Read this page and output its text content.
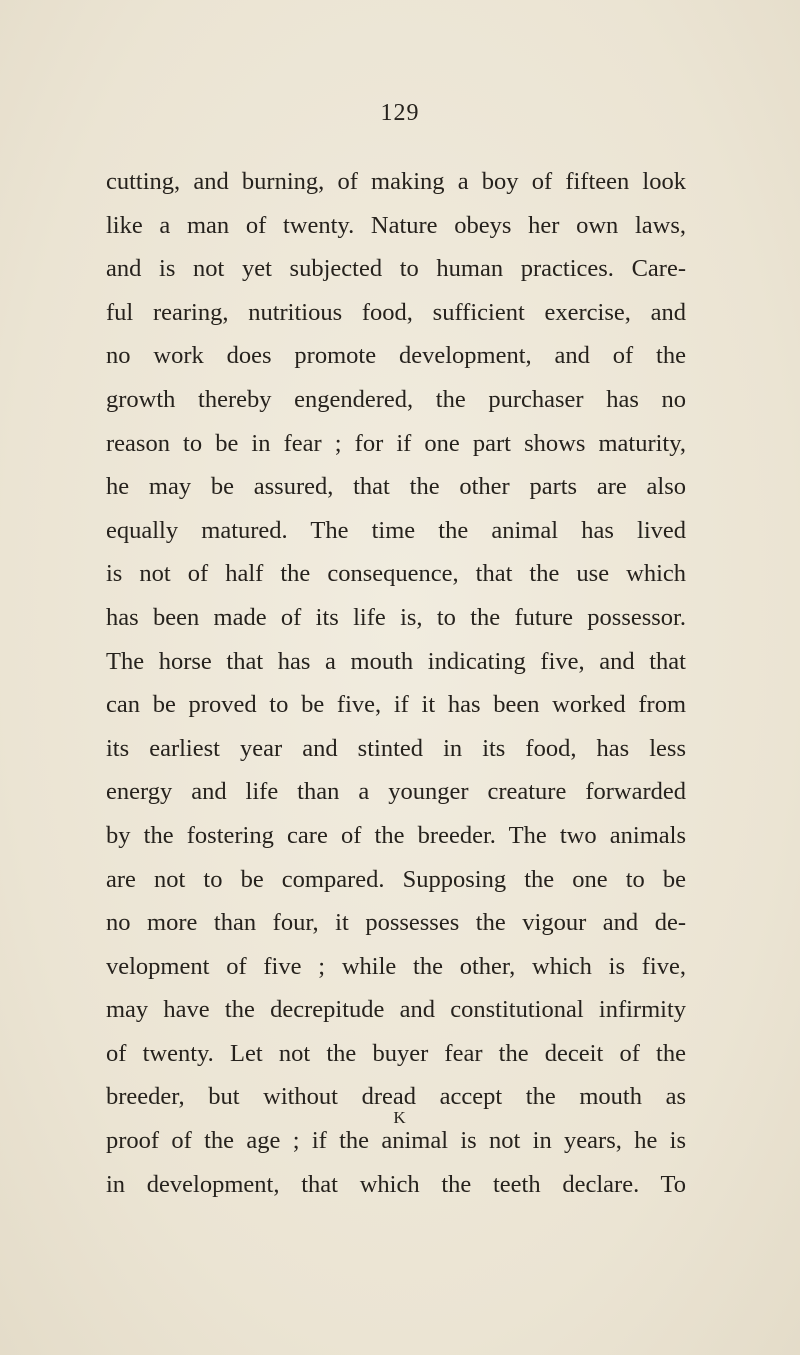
129
cutting, and burning, of making a boy of fifteen look
like a man of twenty. Nature obeys her own laws,
and is not yet subjected to human practices. Care-
ful rearing, nutritious food, sufficient exercise, and
no work does promote development, and of the
growth thereby engendered, the purchaser has no
reason to be in fear ; for if one part shows maturity,
he may be assured, that the other parts are also
equally matured. The time the animal has lived
is not of half the consequence, that the use which
has been made of its life is, to the future possessor.
The horse that has a mouth indicating five, and that
can be proved to be five, if it has been worked from
its earliest year and stinted in its food, has less
energy and life than a younger creature forwarded
by the fostering care of the breeder. The two animals
are not to be compared. Supposing the one to be
no more than four, it possesses the vigour and de-
velopment of five ; while the other, which is five,
may have the decrepitude and constitutional infirmity
of twenty. Let not the buyer fear the deceit of the
breeder, but without dread accept the mouth as
proof of the age ; if the animal is not in years, he is
in development, that which the teeth declare. To
K
